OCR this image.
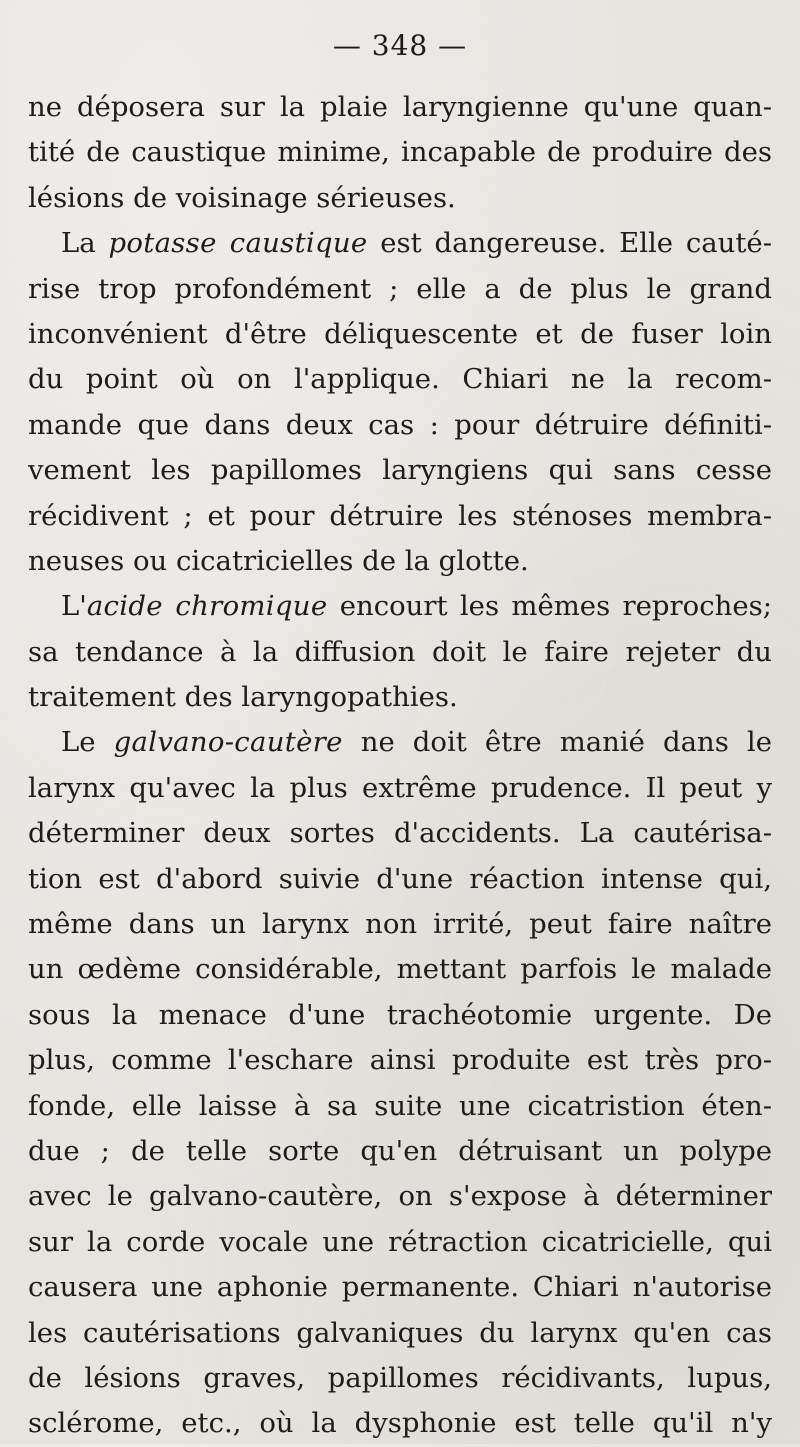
— 348 —
ne déposera sur la plaie laryngienne qu'une quan-
tité de caustique minime, incapable de produire des
lésions de voisinage sérieuses.
La potasse caustique est dangereuse. Elle cauté-
rise trop profondément ; elle a de plus le grand
inconvénient d'être déliquescente et de fuser loin
du point où on l'applique. Chiari ne la recom-
mande que dans deux cas : pour détruire définiti-
vement les papillomes laryngiens qui sans cesse
récidivent ; et pour détruire les sténoses membra-
neuses ou cicatricielles de la glotte.
L'acide chromique encourt les mêmes reproches;
sa tendance à la diffusion doit le faire rejeter du
traitement des laryngopathies.
Le galvano-cautère ne doit être manié dans le
larynx qu'avec la plus extrême prudence. Il peut y
déterminer deux sortes d'accidents. La cautérisa-
tion est d'abord suivie d'une réaction intense qui,
même dans un larynx non irrité, peut faire naître
un œdème considérable, mettant parfois le malade
sous la menace d'une trachéotomie urgente. De
plus, comme l'eschare ainsi produite est très pro-
fonde, elle laisse à sa suite une cicatristion éten-
due ; de telle sorte qu'en détruisant un polype
avec le galvano-cautère, on s'expose à déterminer
sur la corde vocale une rétraction cicatricielle, qui
causera une aphonie permanente. Chiari n'autorise
les cautérisations galvaniques du larynx qu'en cas
de lésions graves, papillomes récidivants, lupus,
sclérome, etc., où la dysphonie est telle qu'il n'y
